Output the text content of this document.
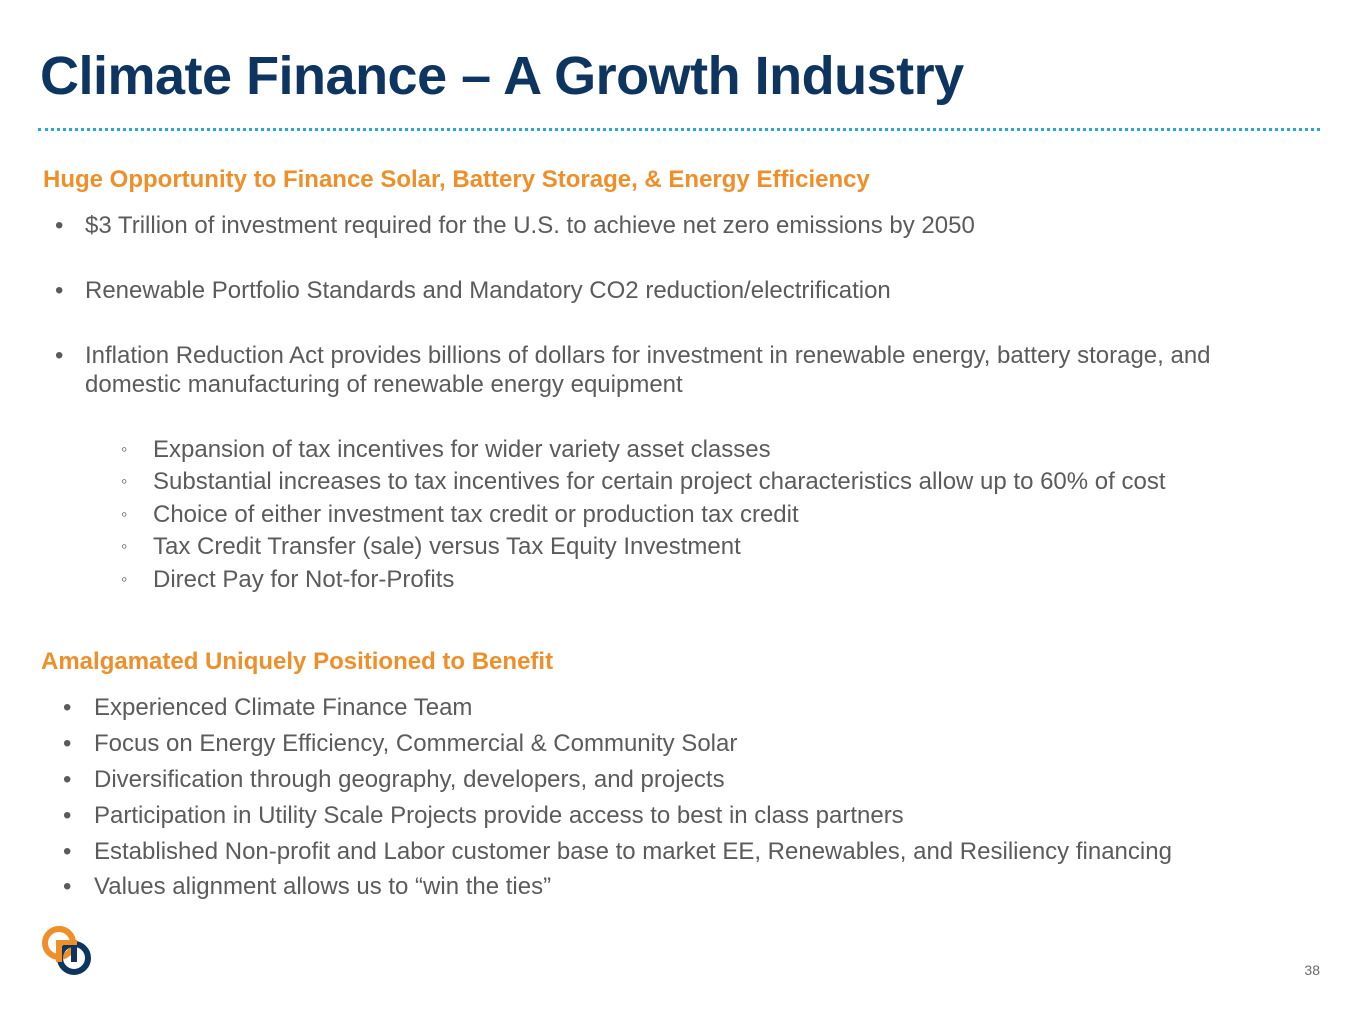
Climate Finance – A Growth Industry
Huge Opportunity to Finance Solar, Battery Storage, & Energy Efficiency
• $3 Trillion of investment required for the U.S. to achieve net zero emissions by 2050
• Renewable Portfolio Standards and Mandatory CO2 reduction/electrification
• Inflation Reduction Act provides billions of dollars for investment in renewable energy, battery storage, and domestic manufacturing of renewable energy equipment
◦	Expansion of tax incentives for wider variety asset classes
◦	Substantial increases to tax incentives for certain project characteristics allow up to 60% of cost
◦	Choice of either investment tax credit or production tax credit
◦	Tax Credit Transfer (sale) versus Tax Equity Investment
◦	Direct Pay for Not-for-Profits
Amalgamated Uniquely Positioned to Benefit
• Experienced Climate Finance Team
• Focus on Energy Efficiency, Commercial & Community Solar
• Diversification through geography, developers, and projects
• Participation in Utility Scale Projects provide access to best in class partners
• Established Non-profit and Labor customer base to market EE, Renewables, and Resiliency financing
• Values alignment allows us to “win the ties”
38
